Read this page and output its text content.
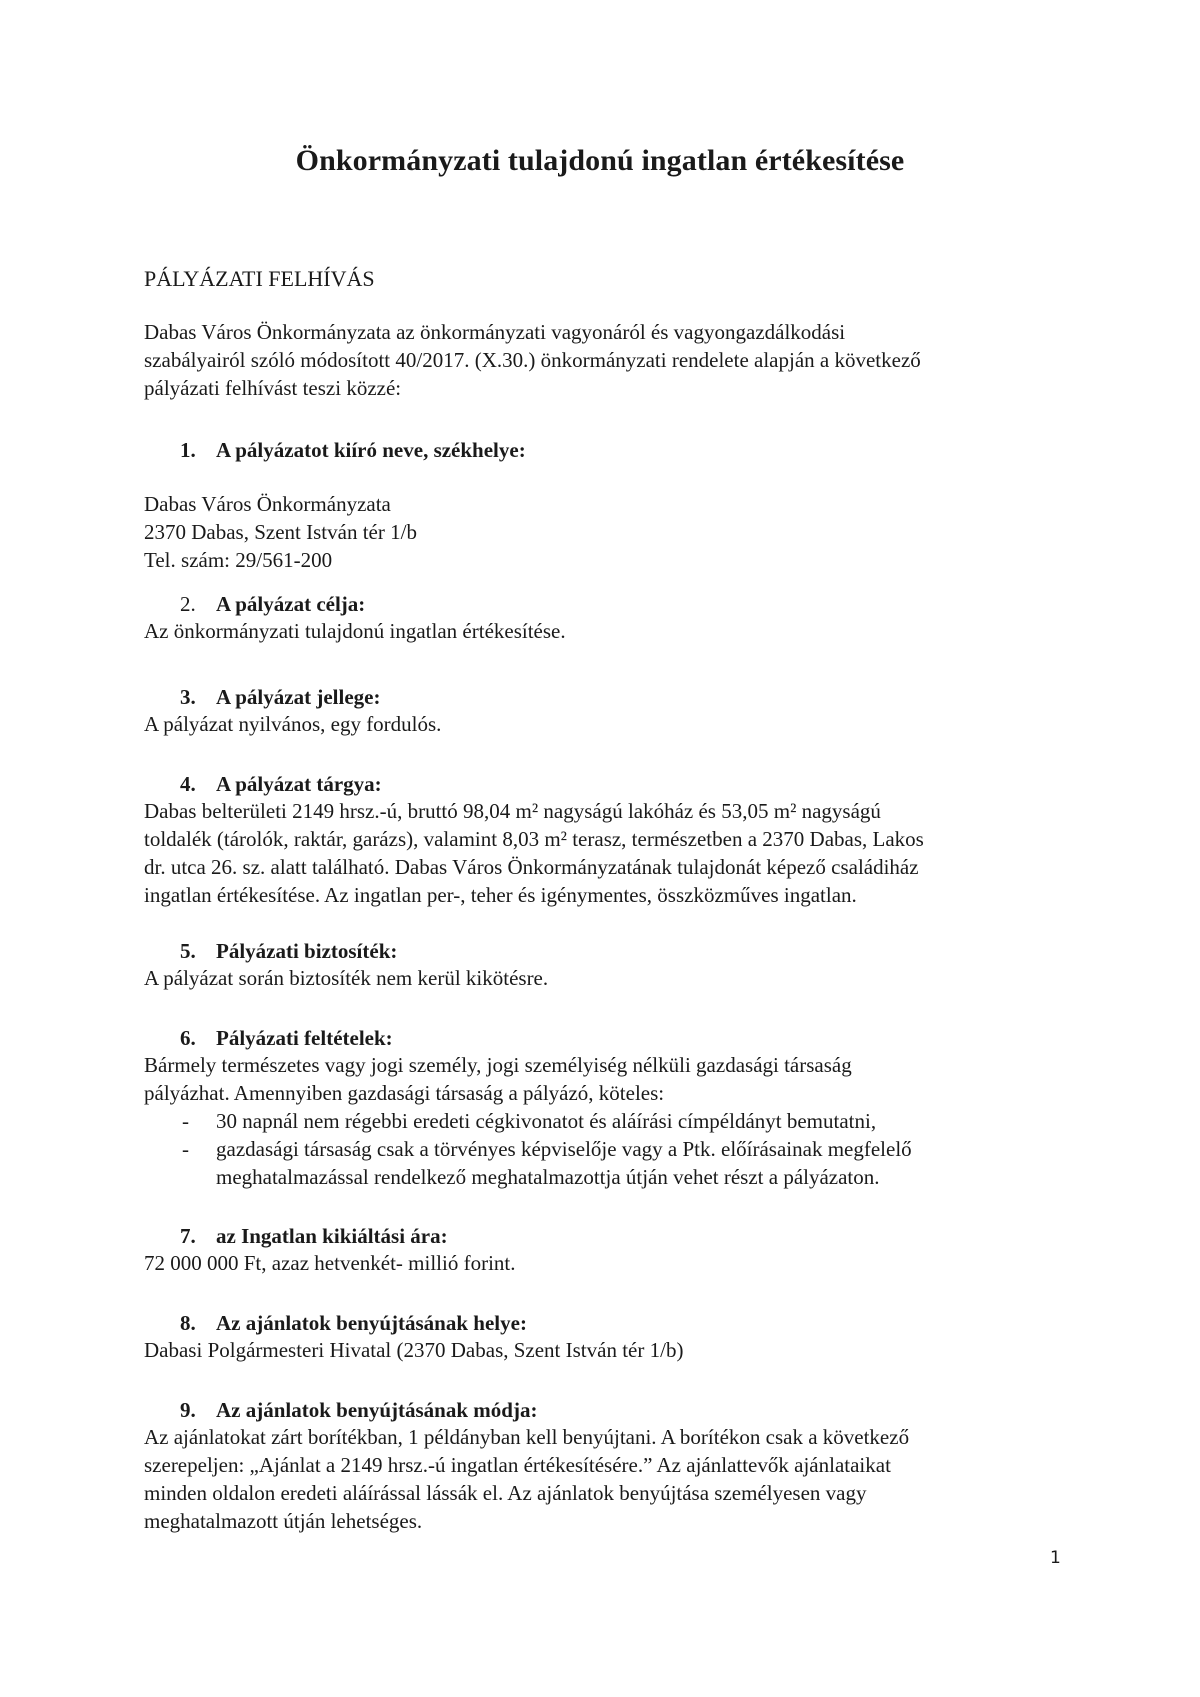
Önkormányzati tulajdonú ingatlan értékesítése
PÁLYÁZATI FELHÍVÁS

Dabas Város Önkormányzata az önkormányzati vagyonáról és vagyongazdálkodási

szabályairól szóló módosított 40/2017. (X.30.) önkormányzati rendelete alapján a következő

pályázati felhívást teszi közzé:

1. A pályázatot kiíró neve, székhelye:

Dabas Város Önkormányzata

2370 Dabas, Szent István tér 1/b

Tel. szám: 29/561-200

2. A pályázat célja:

Az önkormányzati tulajdonú ingatlan értékesítése.

3. A pályázat jellege:

A pályázat nyilvános, egy fordulós.

4. A pályázat tárgya:

Dabas belterületi 2149 hrsz.-ú, bruttó 98,04 m² nagyságú lakóház és 53,05 m² nagyságú

toldalék (tárolók, raktár, garázs), valamint 8,03 m² terasz, természetben a 2370 Dabas, Lakos

dr. utca 26. sz. alatt található. Dabas Város Önkormányzatának tulajdonát képező családiház

ingatlan értékesítése. Az ingatlan per-, teher és igénymentes, összközműves ingatlan.

5. Pályázati biztosíték:

A pályázat során biztosíték nem kerül kikötésre.

6. Pályázati feltételek:

Bármely természetes vagy jogi személy, jogi személyiség nélküli gazdasági társaság

pályázhat. Amennyiben gazdasági társaság a pályázó, köteles:

- 30 napnál nem régebbi eredeti cégkivonatot és aláírási címpéldányt bemutatni,
- gazdasági társaság csak a törvényes képviselője vagy a Ptk. előírásainak megfelelő
meghatalmazással rendelkező meghatalmazottja útján vehet részt a pályázaton.
7. az Ingatlan kikiáltási ára:

72 000 000 Ft, azaz hetvenkét- millió forint.

8. Az ajánlatok benyújtásának helye:

Dabasi Polgármesteri Hivatal (2370 Dabas, Szent István tér 1/b)

9. Az ajánlatok benyújtásának módja:

Az ajánlatokat zárt borítékban, 1 példányban kell benyújtani. A borítékon csak a következő

szerepeljen: „Ajánlat a 2149 hrsz.-ú ingatlan értékesítésére.” Az ajánlattevők ajánlataikat

minden oldalon eredeti aláírással lássák el. Az ajánlatok benyújtása személyesen vagy

meghatalmazott útján lehetséges.

1
